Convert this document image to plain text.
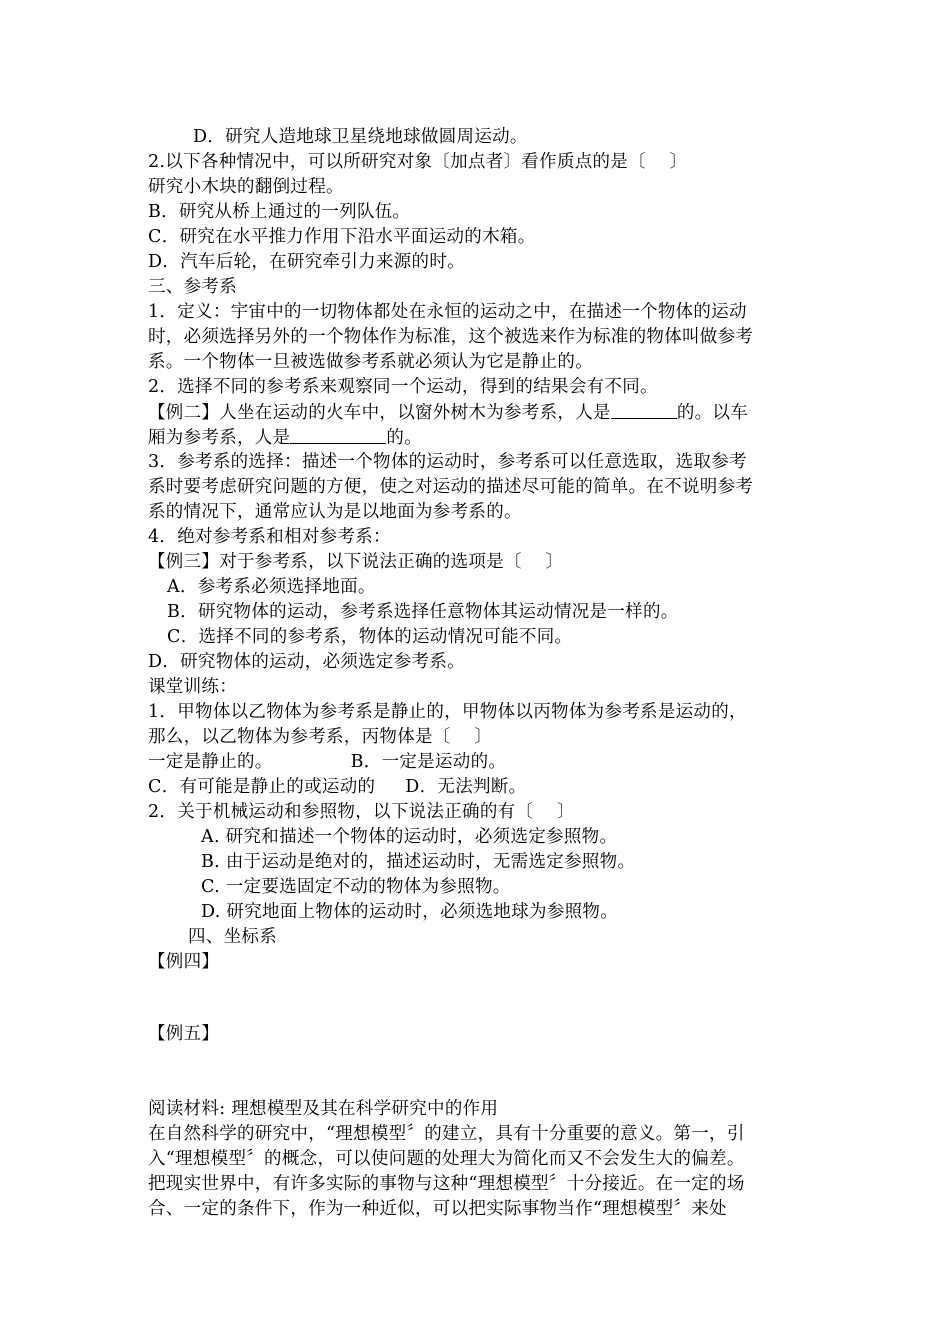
D．研究人造地球卫星绕地球做圆周运动。
2.以下各种情况中，可以所研究对象〔加点者〕看作质点的是〔　 〕
研究小木块的翻倒过程。
B．研究从桥上通过的一列队伍。
C．研究在水平推力作用下沿水平面运动的木箱。
D．汽车后轮，在研究牵引力来源的时。
三、参考系
1．定义：宇宙中的一切物体都处在永恒的运动之中，在描述一个物体的运动
时，必须选择另外的一个物体作为标准，这个被选来作为标准的物体叫做参考
系。一个物体一旦被选做参考系就必须认为它是静止的。
2．选择不同的参考系来观察同一个运动，得到的结果会有不同。
【例二】人坐在运动的火车中，以窗外树木为参考系，人是	的。以车
厢为参考系，人是	的。
3．参考系的选择：描述一个物体的运动时，参考系可以任意选取，选取参考
系时要考虑研究问题的方便，使之对运动的描述尽可能的简单。在不说明参考
系的情况下，通常应认为是以地面为参考系的。
4．绝对参考系和相对参考系：
【例三】对于参考系，以下说法正确的选项是〔　 〕
A．参考系必须选择地面。
B．研究物体的运动，参考系选择任意物体其运动情况是一样的。
C．选择不同的参考系，物体的运动情况可能不同。
D．研究物体的运动，必须选定参考系。
课堂训练：
1．甲物体以乙物体为参考系是静止的，甲物体以丙物体为参考系是运动的，
那么，以乙物体为参考系，丙物体是〔　 〕
一定是静止的。	B．一定是运动的。
C．有可能是静止的或运动的 D．无法判断。
2．关于机械运动和参照物，以下说法正确的有〔　 〕
A. 研究和描述一个物体的运动时，必须选定参照物。
B. 由于运动是绝对的，描述运动时，无需选定参照物。
C. 一定要选固定不动的物体为参照物。
D. 研究地面上物体的运动时，必须选地球为参照物。
四、坐标系
【例四】
【例五】
阅读材料: 理想模型及其在科学研究中的作用
在自然科学的研究中，“理想模型〞的建立，具有十分重要的意义。第一，引
入“理想模型〞的概念，可以使问题的处理大为简化而又不会发生大的偏差。
把现实世界中，有许多实际的事物与这种“理想模型〞十分接近。在一定的场
合、一定的条件下，作为一种近似，可以把实际事物当作“理想模型〞来处
